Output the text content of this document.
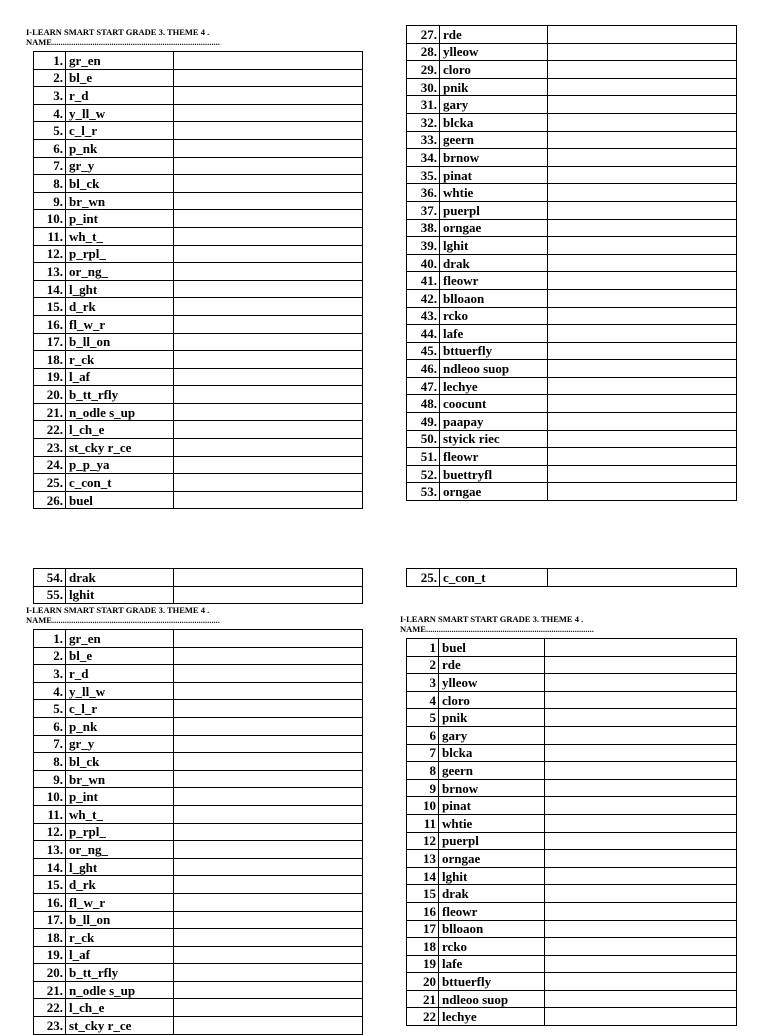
I-LEARN SMART START GRADE 3. THEME 4 .
NAME...............................................................................
1.	gr_en	
2.	bl_e	
3.	r_d	
4.	y_ll_w	
5.	c_l_r	
6.	p_nk	
7.	gr_y	
8.	bl_ck	
9.	br_wn	
10.	p_int	
11.	wh_t_	
12.	p_rpl_	
13.	or_ng_	
14.	l_ght	
15.	d_rk	
16.	fl_w_r	
17.	b_ll_on	
18.	r_ck	
19.	l_af	
20.	b_tt_rfly	
21.	n_odle s_up	
22.	l_ch_e	
23.	st_cky r_ce	
24.	p_p_ya	
25.	c_con_t	
26.	buel	
27.	rde	
28.	ylleow	
29.	cloro	
30.	pnik	
31.	gary	
32.	blcka	
33.	geern	
34.	brnow	
35.	pinat	
36.	whtie	
37.	puerpl	
38.	orngae	
39.	lghit	
40.	drak	
41.	fleowr	
42.	blloaon	
43.	rcko	
44.	lafe	
45.	bttuerfly	
46.	ndleoo suop	
47.	lechye	
48.	coocunt	
49.	paapay	
50.	styick riec	
51.	fleowr	
52.	buettryfl	
53.	orngae	
54.	drak	
55.	lghit	
25.	c_con_t	
I-LEARN SMART START GRADE 3. THEME 4 .
NAME...............................................................................
1.	gr_en	
2.	bl_e	
3.	r_d	
4.	y_ll_w	
5.	c_l_r	
6.	p_nk	
7.	gr_y	
8.	bl_ck	
9.	br_wn	
10.	p_int	
11.	wh_t_	
12.	p_rpl_	
13.	or_ng_	
14.	l_ght	
15.	d_rk	
16.	fl_w_r	
17.	b_ll_on	
18.	r_ck	
19.	l_af	
20.	b_tt_rfly	
21.	n_odle s_up	
22.	l_ch_e	
23.	st_cky r_ce	
I-LEARN SMART START GRADE 3. THEME 4 .
NAME...............................................................................
1	buel	
2	rde	
3	ylleow	
4	cloro	
5	pnik	
6	gary	
7	blcka	
8	geern	
9	brnow	
10	pinat	
11	whtie	
12	puerpl	
13	orngae	
14	lghit	
15	drak	
16	fleowr	
17	blloaon	
18	rcko	
19	lafe	
20	bttuerfly	
21	ndleoo suop	
22	lechye	
